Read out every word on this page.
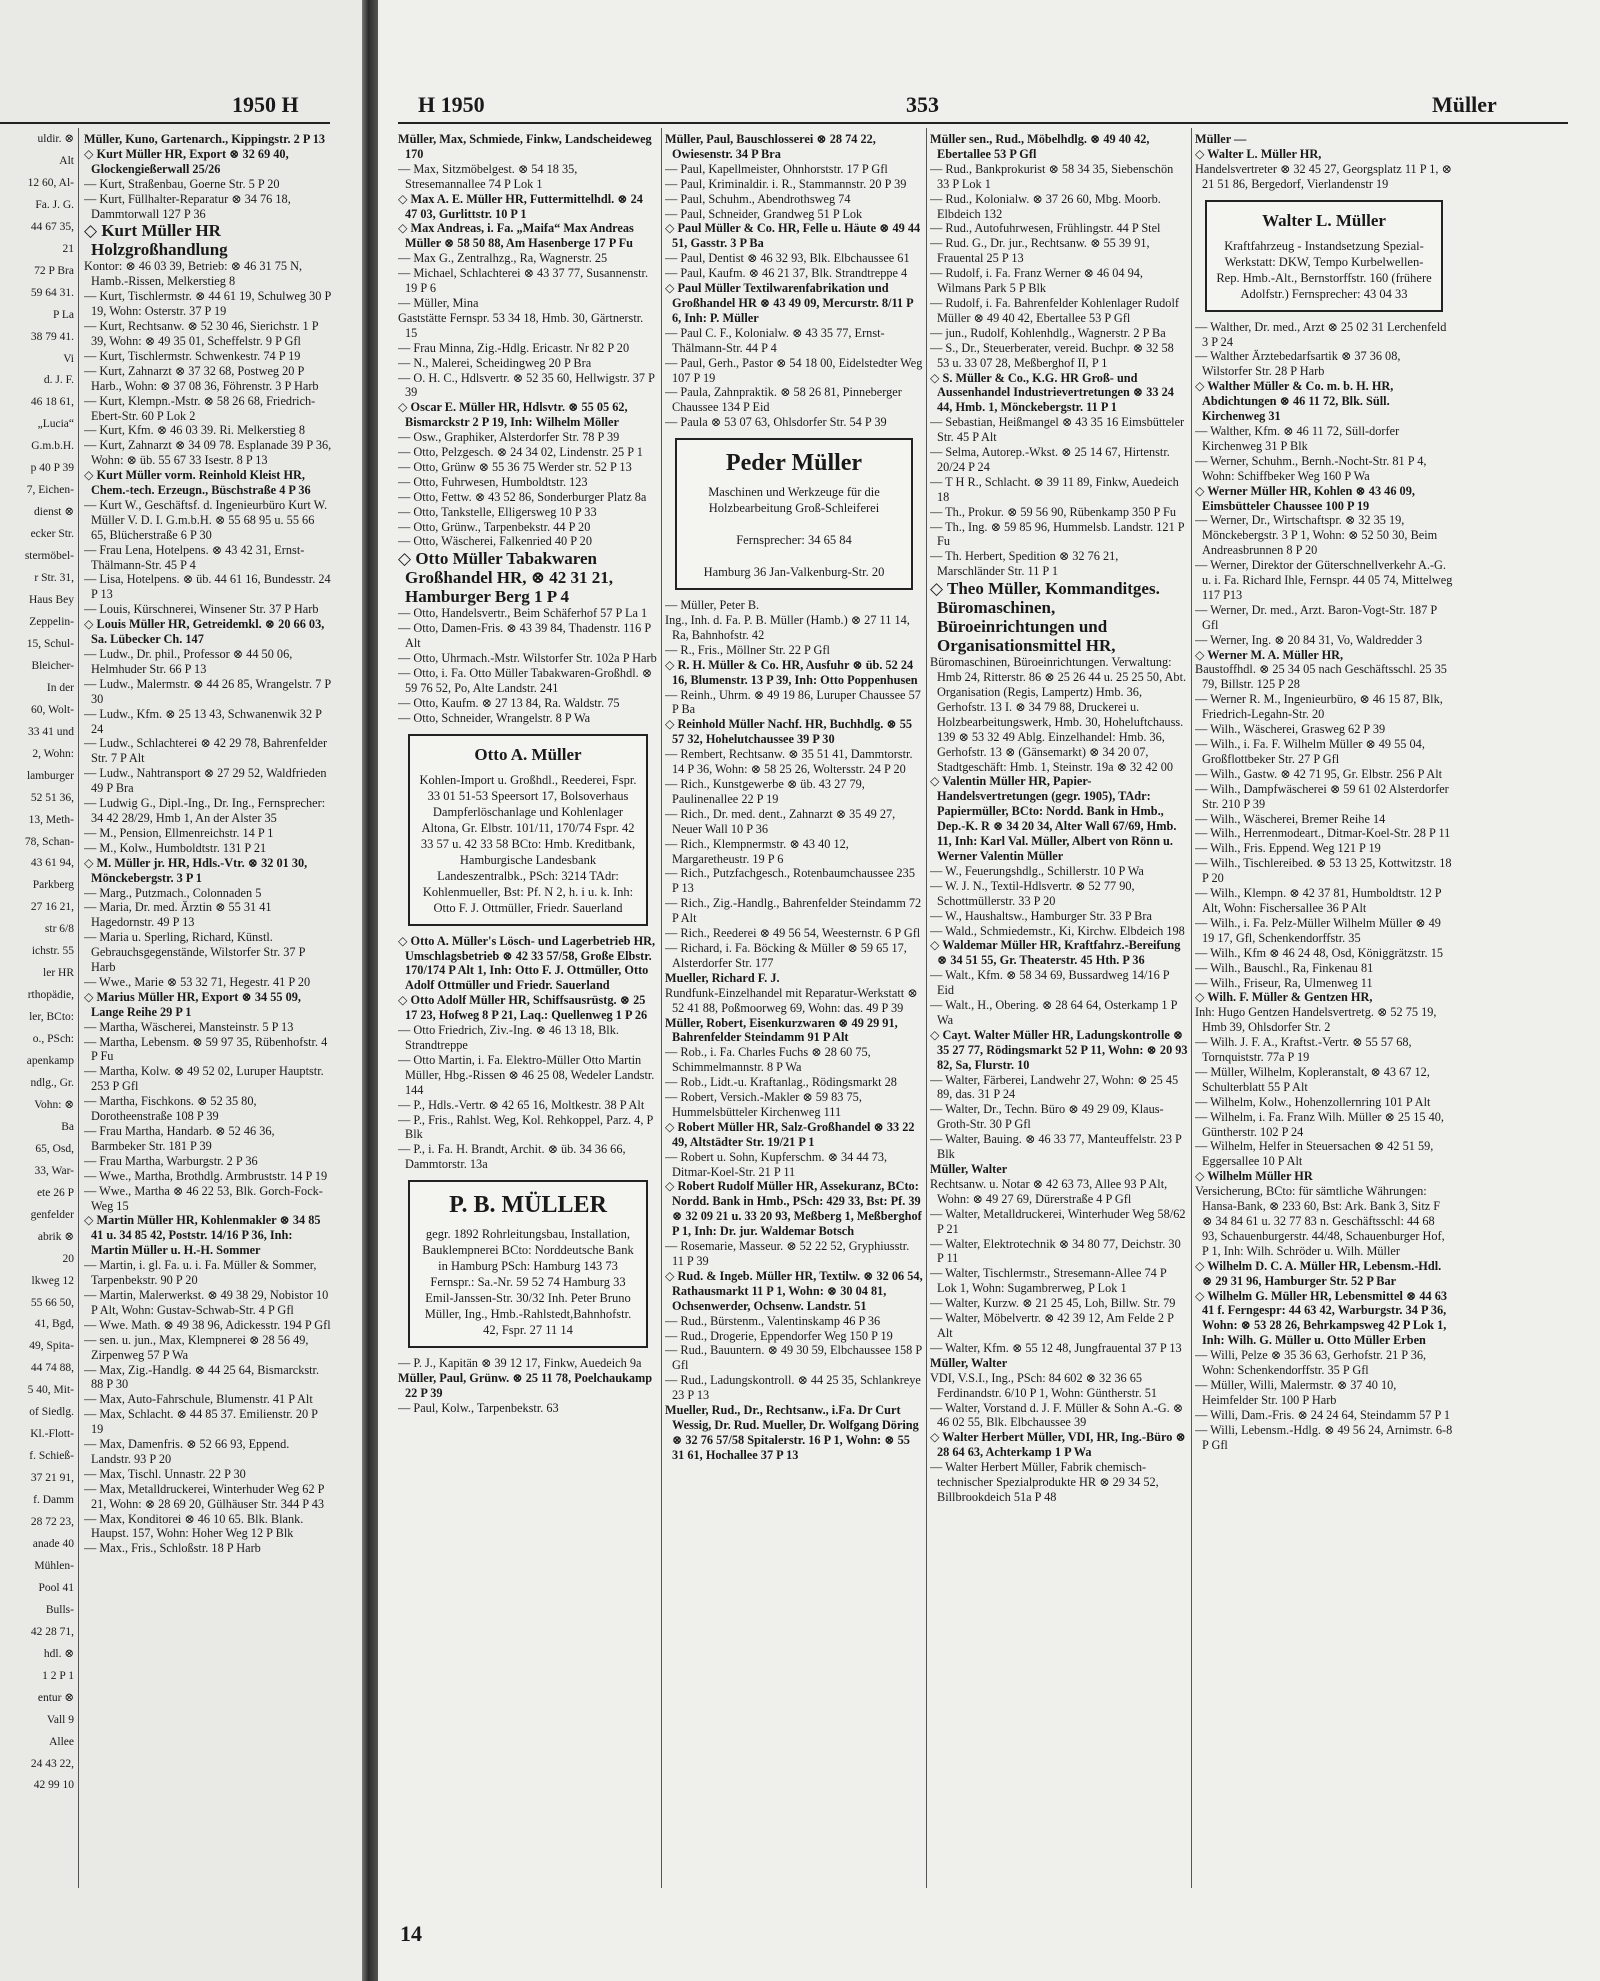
1950 H
uldir. ⊗
Alt
12 60, Al-
Fa. J. G.
44 67 35,
21
72 P Bra
59 64 31.
P La
38 79 41.
Vi
d. J. F.
46 18 61,
„Lucia“
G.m.b.H.
p 40 P 39
7, Eichen-
dienst ⊗
ecker Str.
stermöbel-
r Str. 31,
Haus Bey
Zeppelin-
15, Schul-
Bleicher-
In der
60, Wolt-
33 41 und
2, Wohn:
lamburger
52 51 36,
13, Meth-
78, Schan-
43 61 94,
Parkberg
27 16 21,
str 6/8
ichstr. 55
ler HR
rthopädie,
ler, BCto:
o., PSch:
apenkamp
ndlg., Gr.
Vohn: ⊗
Ba
65, Osd,
33, War-
ete 26 P
genfelder
abrik ⊗
20
lkweg 12
55 66 50,
41, Bgd,
49, Spita-
44 74 88,
5 40, Mit-
of Siedlg.
Kl.-Flott-
f. Schieß-
37 21 91,
f. Damm
28 72 23,
anade 40
Mühlen-
Pool 41
Bulls-
42 28 71,
hdl. ⊗
1 2 P 1
entur ⊗
Vall 9
Allee
24 43 22,
42 99 10

Müller, Kuno, Gartenarch., Kippingstr. 2 P 13

◇ Kurt Müller HR, Export ⊗ 32 69 40, Glockengießerwall 25/26

— Kurt, Straßenbau, Goerne Str. 5 P 20

— Kurt, Füllhalter-Reparatur ⊗ 34 76 18, Dammtorwall 127 P 36

◇ Kurt Müller HR Holzgroßhandlung

Kontor: ⊗ 46 03 39, Betrieb: ⊗ 46 31 75 N, Hamb.-Rissen, Melkerstieg 8

— Kurt, Tischlermstr. ⊗ 44 61 19, Schulweg 30 P 19, Wohn: Osterstr. 37 P 19

— Kurt, Rechtsanw. ⊗ 52 30 46, Sierichstr. 1 P 39, Wohn: ⊗ 49 35 01, Scheffelstr. 9 P Gfl

— Kurt, Tischlermstr. Schwenkestr. 74 P 19

— Kurt, Zahnarzt ⊗ 37 32 68, Postweg 20 P Harb., Wohn: ⊗ 37 08 36, Föhrenstr. 3 P Harb

— Kurt, Klempn.-Mstr. ⊗ 58 26 68, Friedrich-Ebert-Str. 60 P Lok 2

— Kurt, Kfm. ⊗ 46 03 39. Ri. Melkerstieg 8

— Kurt, Zahnarzt ⊗ 34 09 78. Esplanade 39 P 36, Wohn: ⊗ üb. 55 67 33 Isestr. 8 P 13

◇ Kurt Müller vorm. Reinhold Kleist HR, Chem.-tech. Erzeugn., Büschstraße 4 P 36

— Kurt W., Geschäftsf. d. Ingenieurbüro Kurt W. Müller V. D. I. G.m.b.H. ⊗ 55 68 95 u. 55 66 65, Blücherstraße 6 P 30

— Frau Lena, Hotelpens. ⊗ 43 42 31, Ernst-Thälmann-Str. 45 P 4

— Lisa, Hotelpens. ⊗ üb. 44 61 16, Bundesstr. 24 P 13

— Louis, Kürschnerei, Winsener Str. 37 P Harb

◇ Louis Müller HR, Getreidemkl. ⊗ 20 66 03, Sa. Lübecker Ch. 147

— Ludw., Dr. phil., Professor ⊗ 44 50 06, Helmhuder Str. 66 P 13

— Ludw., Malermstr. ⊗ 44 26 85, Wrangelstr. 7 P 30

— Ludw., Kfm. ⊗ 25 13 43, Schwanenwik 32 P 24

— Ludw., Schlachterei ⊗ 42 29 78, Bahrenfelder Str. 7 P Alt

— Ludw., Nahtransport ⊗ 27 29 52, Waldfrieden 49 P Bra

— Ludwig G., Dipl.-Ing., Dr. Ing., Fernsprecher: 34 42 28/29, Hmb 1, An der Alster 35

— M., Pension, Ellmenreichstr. 14 P 1

— M., Kolw., Humboldtstr. 131 P 21

◇ M. Müller jr. HR, Hdls.-Vtr. ⊗ 32 01 30, Mönckebergstr. 3 P 1

— Marg., Putzmach., Colonnaden 5

— Maria, Dr. med. Ärztin ⊗ 55 31 41 Hagedornstr. 49 P 13

— Maria u. Sperling, Richard, Künstl. Gebrauchsgegenstände, Wilstorfer Str. 37 P Harb

— Wwe., Marie ⊗ 53 32 71, Hegestr. 41 P 20

◇ Marius Müller HR, Export ⊗ 34 55 09, Lange Reihe 29 P 1

— Martha, Wäscherei, Mansteinstr. 5 P 13

— Martha, Lebensm. ⊗ 59 97 35, Rübenhofstr. 4 P Fu

— Martha, Kolw. ⊗ 49 52 02, Luruper Hauptstr. 253 P Gfl

— Martha, Fischkons. ⊗ 52 35 80, Dorotheenstraße 108 P 39

— Frau Martha, Handarb. ⊗ 52 46 36, Barmbeker Str. 181 P 39

— Frau Martha, Warburgstr. 2 P 36

— Wwe., Martha, Brothdlg. Armbruststr. 14 P 19

— Wwe., Martha ⊗ 46 22 53, Blk. Gorch-Fock-Weg 15

◇ Martin Müller HR, Kohlenmakler ⊗ 34 85 41 u. 34 85 42, Poststr. 14/16 P 36, Inh: Martin Müller u. H.-H. Sommer

— Martin, i. gl. Fa. u. i. Fa. Müller & Sommer, Tarpenbekstr. 90 P 20

— Martin, Malerwerkst. ⊗ 49 38 29, Nobistor 10 P Alt, Wohn: Gustav-Schwab-Str. 4 P Gfl

— Wwe. Math. ⊗ 49 38 96, Adickesstr. 194 P Gfl

— sen. u. jun., Max, Klempnerei ⊗ 28 56 49, Zirpenweg 57 P Wa

— Max, Zig.-Handlg. ⊗ 44 25 64, Bismarckstr. 88 P 30

— Max, Auto-Fahrschule, Blumenstr. 41 P Alt

— Max, Schlacht. ⊗ 44 85 37. Emilienstr. 20 P 19

— Max, Damenfris. ⊗ 52 66 93, Eppend. Landstr. 93 P 20

— Max, Tischl. Unnastr. 22 P 30

— Max, Metalldruckerei, Winterhuder Weg 62 P 21, Wohn: ⊗ 28 69 20, Gülhäuser Str. 344 P 43

— Max, Konditorei ⊗ 46 10 65. Blk. Blank. Haupst. 157, Wohn: Hoher Weg 12 P Blk

— Max., Fris., Schloßstr. 18 P Harb

H 1950	353	Müller

Müller, Max, Schmiede, Finkw, Landscheideweg 170

— Max, Sitzmöbelgest. ⊗ 54 18 35, Stresemannallee 74 P Lok 1

◇ Max A. E. Müller HR, Futtermittelhdl. ⊗ 24 47 03, Gurlittstr. 10 P 1

◇ Max Andreas, i. Fa. „Maifa“ Max Andreas Müller ⊗ 58 50 88, Am Hasenberge 17 P Fu

— Max G., Zentralhzg., Ra, Wagnerstr. 25

— Michael, Schlachterei ⊗ 43 37 77, Susannenstr. 19 P 6

— Müller, Mina

Gaststätte Fernspr. 53 34 18, Hmb. 30, Gärtnerstr. 15

— Frau Minna, Zig.-Hdlg. Ericastr. Nr 82 P 20

— N., Malerei, Scheidingweg 20 P Bra

— O. H. C., Hdlsvertr. ⊗ 52 35 60, Hellwigstr. 37 P 39

◇ Oscar E. Müller HR, Hdlsvtr. ⊗ 55 05 62, Bismarckstr 2 P 19, Inh: Wilhelm Möller

— Osw., Graphiker, Alsterdorfer Str. 78 P 39

— Otto, Pelzgesch. ⊗ 24 34 02, Lindenstr. 25 P 1

— Otto, Grünw ⊗ 55 36 75 Werder str. 52 P 13

— Otto, Fuhrwesen, Humboldtstr. 123

— Otto, Fettw. ⊗ 43 52 86, Sonderburger Platz 8a

— Otto, Tankstelle, Elligersweg 10 P 33

— Otto, Grünw., Tarpenbekstr. 44 P 20

— Otto, Wäscherei, Falkenried 40 P 20

◇ Otto Müller Tabakwaren Großhandel HR, ⊗ 42 31 21, Hamburger Berg 1 P 4

— Otto, Handelsvertr., Beim Schäferhof 57 P La 1

— Otto, Damen-Fris. ⊗ 43 39 84, Thadenstr. 116 P Alt

— Otto, Uhrmach.-Mstr. Wilstorfer Str. 102a P Harb

— Otto, i. Fa. Otto Müller Tabakwaren-Großhdl. ⊗ 59 76 52, Po, Alte Landstr. 241

— Otto, Kaufm. ⊗ 27 13 84, Ra. Waldstr. 75

— Otto, Schneider, Wrangelstr. 8 P Wa

Otto A. Müller
Kohlen-Import u. Großhdl., Reederei, Fspr. 33 01 51-53 Speersort 17, Bolsoverhaus Dampferlöschanlage und Kohlenlager Altona, Gr. Elbstr. 101/11, 170/74 Fspr. 42 33 57 u. 42 33 58 BCto: Hmb. Kreditbank, Hamburgische Landesbank Landeszentralbk., PSch: 3214 TAdr: Kohlenmueller, Bst: Pf. N 2, h. i u. k. Inh: Otto F. J. Ottmüller, Friedr. Sauerland

◇ Otto A. Müller's Lösch- und Lagerbetrieb HR, Umschlagsbetrieb ⊗ 42 33 57/58, Große Elbstr. 170/174 P Alt 1, Inh: Otto F. J. Ottmüller, Otto Adolf Ottmüller und Friedr. Sauerland

◇ Otto Adolf Müller HR, Schiffsausrüstg. ⊗ 25 17 23, Hofweg 8 P 21, Laq.: Quellenweg 1 P 26

— Otto Friedrich, Ziv.-Ing. ⊗ 46 13 18, Blk. Strandtreppe

— Otto Martin, i. Fa. Elektro-Müller Otto Martin Müller, Hbg.-Rissen ⊗ 46 25 08, Wedeler Landstr. 144

— P., Hdls.-Vertr. ⊗ 42 65 16, Moltkestr. 38 P Alt

— P., Fris., Rahlst. Weg, Kol. Rehkoppel, Parz. 4, P Blk

— P., i. Fa. H. Brandt, Archit. ⊗ üb. 34 36 66, Dammtorstr. 13a

P. B. MÜLLER
gegr. 1892 Rohrleitungsbau, Installation, Bauklempnerei BCto: Norddeutsche Bank in Hamburg PSch: Hamburg 143 73 Fernspr.: Sa.-Nr. 59 52 74 Hamburg 33 Emil-Janssen-Str. 30/32 Inh. Peter Bruno Müller, Ing., Hmb.-Rahlstedt,Bahnhofstr. 42, Fspr. 27 11 14

— P. J., Kapitän ⊗ 39 12 17, Finkw, Auedeich 9a

Müller, Paul, Grünw. ⊗ 25 11 78, Poelchaukamp 22 P 39

— Paul, Kolw., Tarpenbekstr. 63

Müller, Paul, Bauschlosserei ⊗ 28 74 22, Owiesenstr. 34 P Bra

— Paul, Kapellmeister, Ohnhorststr. 17 P Gfl

— Paul, Kriminaldir. i. R., Stammannstr. 20 P 39

— Paul, Schuhm., Abendrothsweg 74

— Paul, Schneider, Grandweg 51 P Lok

◇ Paul Müller & Co. HR, Felle u. Häute ⊗ 49 44 51, Gasstr. 3 P Ba

— Paul, Dentist ⊗ 46 32 93, Blk. Elbchaussee 61

— Paul, Kaufm. ⊗ 46 21 37, Blk. Strandtreppe 4

◇ Paul Müller Textilwarenfabrikation und Großhandel HR ⊗ 43 49 09, Mercurstr. 8/11 P 6, Inh: P. Müller

— Paul C. F., Kolonialw. ⊗ 43 35 77, Ernst-Thälmann-Str. 44 P 4

— Paul, Gerh., Pastor ⊗ 54 18 00, Eidelstedter Weg 107 P 19

— Paula, Zahnpraktik. ⊗ 58 26 81, Pinneberger Chaussee 134 P Eid

— Paula ⊗ 53 07 63, Ohlsdorfer Str. 54 P 39

Peder Müller
Maschinen und Werkzeuge für die Holzbearbeitung Groß-Schleiferei

Fernsprecher: 34 65 84

Hamburg 36 Jan-Valkenburg-Str. 20

— Müller, Peter B.

Ing., Inh. d. Fa. P. B. Müller (Hamb.) ⊗ 27 11 14, Ra, Bahnhofstr. 42

— R., Fris., Möllner Str. 22 P Gfl

◇ R. H. Müller & Co. HR, Ausfuhr ⊗ üb. 52 24 16, Blumenstr. 13 P 39, Inh: Otto Poppenhusen

— Reinh., Uhrm. ⊗ 49 19 86, Luruper Chaussee 57 P Ba

◇ Reinhold Müller Nachf. HR, Buchhdlg. ⊗ 55 57 32, Hohelutchaussee 39 P 30

— Rembert, Rechtsanw. ⊗ 35 51 41, Dammtorstr. 14 P 36, Wohn: ⊗ 58 25 26, Woltersstr. 24 P 20

— Rich., Kunstgewerbe ⊗ üb. 43 27 79, Paulinenallee 22 P 19

— Rich., Dr. med. dent., Zahnarzt ⊗ 35 49 27, Neuer Wall 10 P 36

— Rich., Klempnermstr. ⊗ 43 40 12, Margaretheustr. 19 P 6

— Rich., Putzfachgesch., Rotenbaumchaussee 235 P 13

— Rich., Zig.-Handlg., Bahrenfelder Steindamm 72 P Alt

— Rich., Reederei ⊗ 49 56 54, Weesternstr. 6 P Gfl

— Richard, i. Fa. Böcking & Müller ⊗ 59 65 17, Alsterdorfer Str. 177

Mueller, Richard F. J.

Rundfunk-Einzelhandel mit Reparatur-Werkstatt ⊗ 52 41 88, Poßmoorweg 69, Wohn: das. 49 P 39

Müller, Robert, Eisenkurzwaren ⊗ 49 29 91, Bahrenfelder Steindamm 91 P Alt

— Rob., i. Fa. Charles Fuchs ⊗ 28 60 75, Schimmelmannstr. 8 P Wa

— Rob., Lidt.-u. Kraftanlag., Rödingsmarkt 28

— Robert, Versich.-Makler ⊗ 59 83 75, Hummelsbütteler Kirchenweg 111

◇ Robert Müller HR, Salz-Großhandel ⊗ 33 22 49, Altstädter Str. 19/21 P 1

— Robert u. Sohn, Kupferschm. ⊗ 34 44 73, Ditmar-Koel-Str. 21 P 11

◇ Robert Rudolf Müller HR, Assekuranz, BCto: Nordd. Bank in Hmb., PSch: 429 33, Bst: Pf. 39 ⊗ 32 09 21 u. 33 20 93, Meßberg 1, Meßberghof P 1, Inh: Dr. jur. Waldemar Botsch

— Rosemarie, Masseur. ⊗ 52 22 52, Gryphiusstr. 11 P 39

◇ Rud. & Ingeb. Müller HR, Textilw. ⊗ 32 06 54, Rathausmarkt 11 P 1, Wohn: ⊗ 30 04 81, Ochsenwerder, Ochsenw. Landstr. 51

— Rud., Bürstenm., Valentinskamp 46 P 36

— Rud., Drogerie, Eppendorfer Weg 150 P 19

— Rud., Bauuntern. ⊗ 49 30 59, Elbchaussee 158 P Gfl

— Rud., Ladungskontroll. ⊗ 44 25 35, Schlankreye 23 P 13

Mueller, Rud., Dr., Rechtsanw., i.Fa. Dr Curt Wessig, Dr. Rud. Mueller, Dr. Wolfgang Döring ⊗ 32 76 57/58 Spitalerstr. 16 P 1, Wohn: ⊗ 55 31 61, Hochallee 37 P 13

Müller sen., Rud., Möbelhdlg. ⊗ 49 40 42, Ebertallee 53 P Gfl

— Rud., Bankprokurist ⊗ 58 34 35, Siebenschön 33 P Lok 1

— Rud., Kolonialw. ⊗ 37 26 60, Mbg. Moorb. Elbdeich 132

— Rud., Autofuhrwesen, Frühlingstr. 44 P Stel

— Rud. G., Dr. jur., Rechtsanw. ⊗ 55 39 91, Frauental 25 P 13

— Rudolf, i. Fa. Franz Werner ⊗ 46 04 94, Wilmans Park 5 P Blk

— Rudolf, i. Fa. Bahrenfelder Kohlenlager Rudolf Müller ⊗ 49 40 42, Ebertallee 53 P Gfl

— jun., Rudolf, Kohlenhdlg., Wagnerstr. 2 P Ba

— S., Dr., Steuerberater, vereid. Buchpr. ⊗ 32 58 53 u. 33 07 28, Meßberghof II, P 1

◇ S. Müller & Co., K.G. HR Groß- und Aussenhandel Industrievertretungen ⊗ 33 24 44, Hmb. 1, Mönckebergstr. 11 P 1

— Sebastian, Heißmangel ⊗ 43 35 16 Eimsbütteler Str. 45 P Alt

— Selma, Autorep.-Wkst. ⊗ 25 14 67, Hirtenstr. 20/24 P 24

— T H R., Schlacht. ⊗ 39 11 89, Finkw, Auedeich 18

— Th., Prokur. ⊗ 59 56 90, Rübenkamp 350 P Fu

— Th., Ing. ⊗ 59 85 96, Hummelsb. Landstr. 121 P Fu

— Th. Herbert, Spedition ⊗ 32 76 21, Marschländer Str. 11 P 1

◇ Theo Müller, Kommanditges. Büromaschinen, Büroeinrichtungen und Organisationsmittel HR,

Büromaschinen, Büroeinrichtungen. Verwaltung: Hmb 24, Ritterstr. 86 ⊗ 25 26 44 u. 25 25 50, Abt. Organisation (Regis, Lampertz) Hmb. 36, Gerhofstr. 13 I. ⊗ 34 79 88, Druckerei u. Holzbearbeitungswerk, Hmb. 30, Hoheluftchauss. 139 ⊗ 53 32 49 Ablg. Einzelhandel: Hmb. 36, Gerhofstr. 13 ⊗ (Gänsemarkt) ⊗ 34 20 07, Stadtgeschäft: Hmb. 1, Steinstr. 19a ⊗ 32 42 00

◇ Valentin Müller HR, Papier-Handelsvertretungen (gegr. 1905), TAdr: Papiermüller, BCto: Nordd. Bank in Hmb., Dep.-K. R ⊗ 34 20 34, Alter Wall 67/69, Hmb. 11, Inh: Karl Val. Müller, Albert von Rönn u. Werner Valentin Müller

— W., Feuerungshdlg., Schillerstr. 10 P Wa

— W. J. N., Textil-Hdlsvertr. ⊗ 52 77 90, Schottmüllerstr. 33 P 20

— W., Haushaltsw., Hamburger Str. 33 P Bra

— Wald., Schmiedemstr., Ki, Kirchw. Elbdeich 198

◇ Waldemar Müller HR, Kraftfahrz.-Bereifung ⊗ 34 51 55, Gr. Theaterstr. 45 Hth. P 36

— Walt., Kfm. ⊗ 58 34 69, Bussardweg 14/16 P Eid

— Walt., H., Obering. ⊗ 28 64 64, Osterkamp 1 P Wa

◇ Cayt. Walter Müller HR, Ladungskontrolle ⊗ 35 27 77, Rödingsmarkt 52 P 11, Wohn: ⊗ 20 93 82, Sa, Flurstr. 10

— Walter, Färberei, Landwehr 27, Wohn: ⊗ 25 45 89, das. 31 P 24

— Walter, Dr., Techn. Büro ⊗ 49 29 09, Klaus-Groth-Str. 30 P Gfl

— Walter, Bauing. ⊗ 46 33 77, Manteuffelstr. 23 P Blk

Müller, Walter

Rechtsanw. u. Notar ⊗ 42 63 73, Allee 93 P Alt, Wohn: ⊗ 49 27 69, Dürerstraße 4 P Gfl

— Walter, Metalldruckerei, Winterhuder Weg 58/62 P 21

— Walter, Elektrotechnik ⊗ 34 80 77, Deichstr. 30 P 11

— Walter, Tischlermstr., Stresemann-Allee 74 P Lok 1, Wohn: Sugambrerweg, P Lok 1

— Walter, Kurzw. ⊗ 21 25 45, Loh, Billw. Str. 79

— Walter, Möbelvertr. ⊗ 42 39 12, Am Felde 2 P Alt

— Walter, Kfm. ⊗ 55 12 48, Jungfrauental 37 P 13

Müller, Walter

VDI, V.S.I., Ing., PSch: 84 602 ⊗ 32 36 65 Ferdinandstr. 6/10 P 1, Wohn: Güntherstr. 51

— Walter, Vorstand d. J. F. Müller & Sohn A.-G. ⊗ 46 02 55, Blk. Elbchaussee 39

◇ Walter Herbert Müller, VDI, HR, Ing.-Büro ⊗ 28 64 63, Achterkamp 1 P Wa

— Walter Herbert Müller, Fabrik chemisch-technischer Spezialprodukte HR ⊗ 29 34 52, Billbrookdeich 51a P 48

Müller —

◇ Walter L. Müller HR,

Handelsvertreter ⊗ 32 45 27, Georgsplatz 11 P 1, ⊗ 21 51 86, Bergedorf, Vierlandenstr 19

Walter L. Müller
Kraftfahrzeug - Instandsetzung Spezial-Werkstatt: DKW, Tempo Kurbelwellen-Rep. Hmb.-Alt., Bernstorffstr. 160 (frühere Adolfstr.) Fernsprecher: 43 04 33

— Walther, Dr. med., Arzt ⊗ 25 02 31 Lerchenfeld 3 P 24

— Walther Ärztebedarfsartik ⊗ 37 36 08, Wilstorfer Str. 28 P Harb

◇ Walther Müller & Co. m. b. H. HR, Abdichtungen ⊗ 46 11 72, Blk. Süll. Kirchenweg 31

— Walther, Kfm. ⊗ 46 11 72, Süll-dorfer Kirchenweg 31 P Blk

— Werner, Schuhm., Bernh.-Nocht-Str. 81 P 4, Wohn: Schiffbeker Weg 160 P Wa

◇ Werner Müller HR, Kohlen ⊗ 43 46 09, Eimsbütteler Chaussee 100 P 19

— Werner, Dr., Wirtschaftspr. ⊗ 32 35 19, Mönckebergstr. 3 P 1, Wohn: ⊗ 52 50 30, Beim Andreasbrunnen 8 P 20

— Werner, Direktor der Güterschnellverkehr A.-G. u. i. Fa. Richard Ihle, Fernspr. 44 05 74, Mittelweg 117 P13

— Werner, Dr. med., Arzt. Baron-Vogt-Str. 187 P Gfl

— Werner, Ing. ⊗ 20 84 31, Vo, Waldredder 3

◇ Werner M. A. Müller HR,

Baustoffhdl. ⊗ 25 34 05 nach Geschäftsschl. 25 35 79, Billstr. 125 P 28

— Werner R. M., Ingenieurbüro, ⊗ 46 15 87, Blk, Friedrich-Legahn-Str. 20

— Wilh., Wäscherei, Grasweg 62 P 39

— Wilh., i. Fa. F. Wilhelm Müller ⊗ 49 55 04, Großflottbeker Str. 27 P Gfl

— Wilh., Gastw. ⊗ 42 71 95, Gr. Elbstr. 256 P Alt

— Wilh., Dampfwäscherei ⊗ 59 61 02 Alsterdorfer Str. 210 P 39

— Wilh., Wäscherei, Bremer Reihe 14

— Wilh., Herrenmodeart., Ditmar-Koel-Str. 28 P 11

— Wilh., Fris. Eppend. Weg 121 P 19

— Wilh., Tischlereibed. ⊗ 53 13 25, Kottwitzstr. 18 P 20

— Wilh., Klempn. ⊗ 42 37 81, Humboldtstr. 12 P Alt, Wohn: Fischersallee 36 P Alt

— Wilh., i. Fa. Pelz-Müller Wilhelm Müller ⊗ 49 19 17, Gfl, Schenkendorffstr. 35

— Wilh., Kfm ⊗ 46 24 48, Osd, Königgrätzstr. 15

— Wilh., Bauschl., Ra, Finkenau 81

— Wilh., Friseur, Ra, Ulmenweg 11

◇ Wilh. F. Müller & Gentzen HR,

Inh: Hugo Gentzen Handelsvertretg. ⊗ 52 75 19, Hmb 39, Ohlsdorfer Str. 2

— Wilh. J. F. A., Kraftst.-Vertr. ⊗ 55 57 68, Tornquiststr. 77a P 19

— Müller, Wilhelm, Kopleranstalt, ⊗ 43 67 12, Schulterblatt 55 P Alt

— Wilhelm, Kolw., Hohenzollernring 101 P Alt

— Wilhelm, i. Fa. Franz Wilh. Müller ⊗ 25 15 40, Güntherstr. 102 P 24

— Wilhelm, Helfer in Steuersachen ⊗ 42 51 59, Eggersallee 10 P Alt

◇ Wilhelm Müller HR

Versicherung, BCto: für sämtliche Währungen: Hansa-Bank, ⊗ 233 60, Bst: Ark. Bank 3, Sitz F ⊗ 34 84 61 u. 32 77 83 n. Geschäftsschl: 44 68 93, Schauenburgerstr. 44/48, Schauenburger Hof, P 1, Inh: Wilh. Schröder u. Wilh. Müller

◇ Wilhelm D. C. A. Müller HR, Lebensm.-Hdl. ⊗ 29 31 96, Hamburger Str. 52 P Bar

◇ Wilhelm G. Müller HR, Lebensmittel ⊗ 44 63 41 f. Ferngespr: 44 63 42, Warburgstr. 34 P 36, Wohn: ⊗ 53 28 26, Behrkampsweg 42 P Lok 1, Inh: Wilh. G. Müller u. Otto Müller Erben

— Willi, Pelze ⊗ 35 36 63, Gerhofstr. 21 P 36, Wohn: Schenkendorffstr. 35 P Gfl

— Müller, Willi, Malermstr. ⊗ 37 40 10, Heimfelder Str. 100 P Harb

— Willi, Dam.-Fris. ⊗ 24 24 64, Steindamm 57 P 1

— Willi, Lebensm.-Hdlg. ⊗ 49 56 24, Arnimstr. 6-8 P Gfl

14
